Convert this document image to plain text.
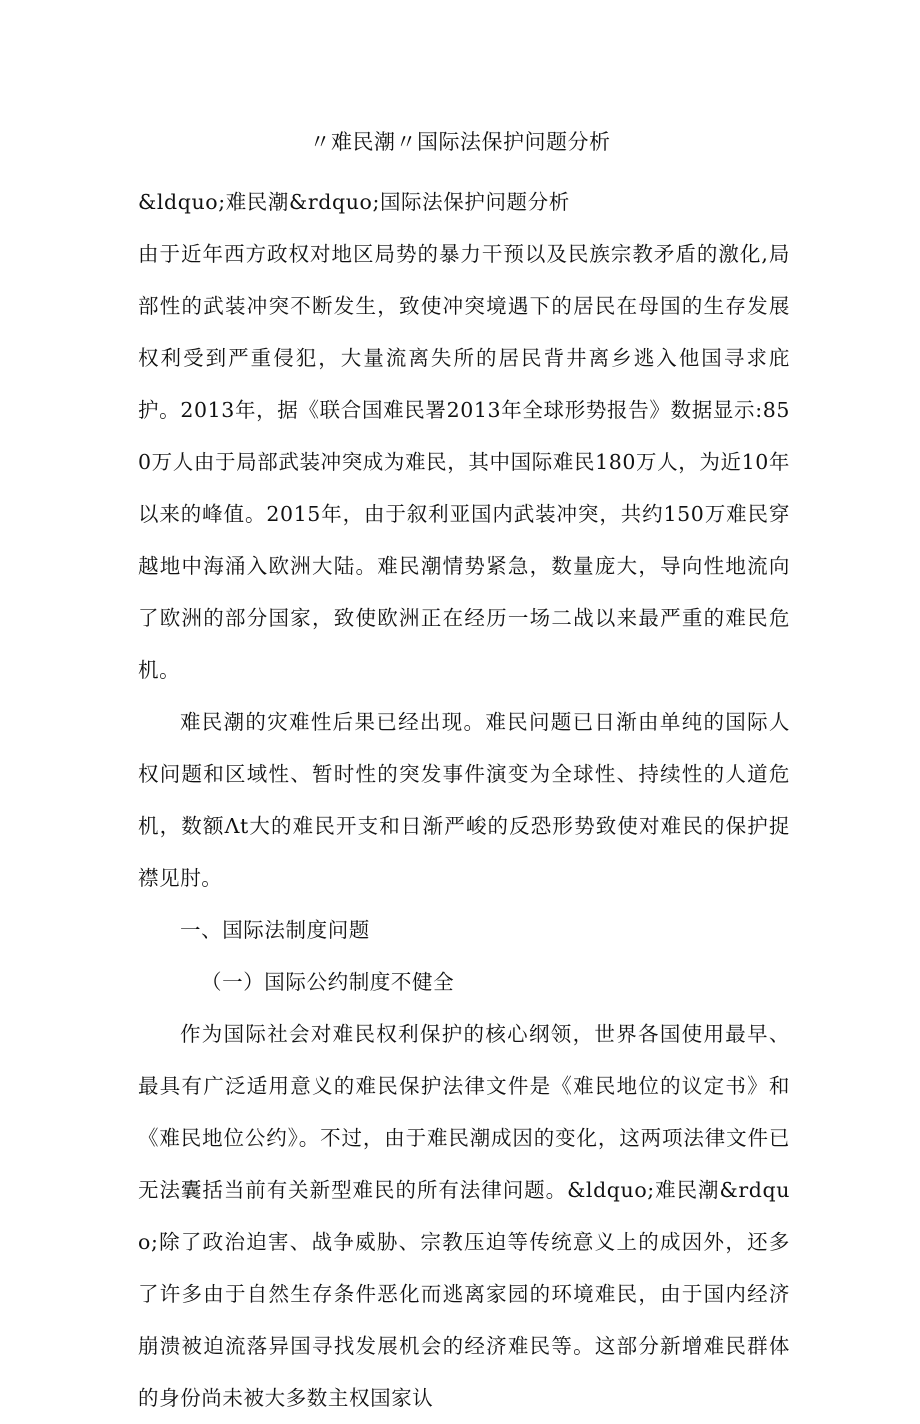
〃难民潮〃国际法保护问题分析

&ldquo;难民潮&rdquo;国际法保护问题分析

由于近年西方政权对地区局势的暴力干预以及民族宗教矛盾的激化,局部性的武装冲突不断发生，致使冲突境遇下的居民在母国的生存发展权利受到严重侵犯，大量流离失所的居民背井离乡逃入他国寻求庇护。2013年，据《联合国难民署2013年全球形势报告》数据显示:850万人由于局部武装冲突成为难民，其中国际难民180万人，为近10年以来的峰值。2015年，由于叙利亚国内武装冲突，共约150万难民穿越地中海涌入欧洲大陆。难民潮情势紧急，数量庞大，导向性地流向了欧洲的部分国家，致使欧洲正在经历一场二战以来最严重的难民危机。

难民潮的灾难性后果已经出现。难民问题已日渐由单纯的国际人权问题和区域性、暂时性的突发事件演变为全球性、持续性的人道危机，数额Λt大的难民开支和日渐严峻的反恐形势致使对难民的保护捉襟见肘。

一、国际法制度问题

（一）国际公约制度不健全

作为国际社会对难民权利保护的核心纲领，世界各国使用最早、最具有广泛适用意义的难民保护法律文件是《难民地位的议定书》和《难民地位公约》。不过，由于难民潮成因的变化，这两项法律文件已无法囊括当前有关新型难民的所有法律问题。&ldquo;难民潮&rdquo;除了政治迫害、战争威胁、宗教压迫等传统意义上的成因外，还多了许多由于自然生存条件恶化而逃离家园的环境难民，由于国内经济崩溃被迫流落异国寻找发展机会的经济难民等。这部分新增难民群体的身份尚未被大多数主权国家认
